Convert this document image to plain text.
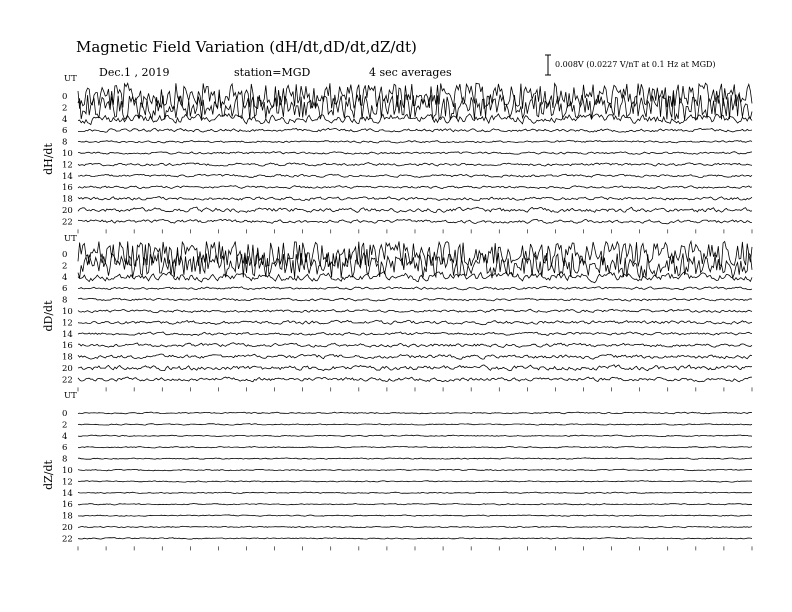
Magnetic Field Variation (dH/dt,dD/dt,dZ/dt)
Dec.1 , 2019	station=MGD	4 sec averages
0.008V (0.0227 V/nT at 0.1 Hz at MGD)
UT
dH/dt
0
2
4
6
8
10
12
14
16
18
20
22
UT
dD/dt
0
2
4
6
8
10
12
14
16
18
20
22
UT
dZ/dt
0
2
4
6
8
10
12
14
16
18
20
22
